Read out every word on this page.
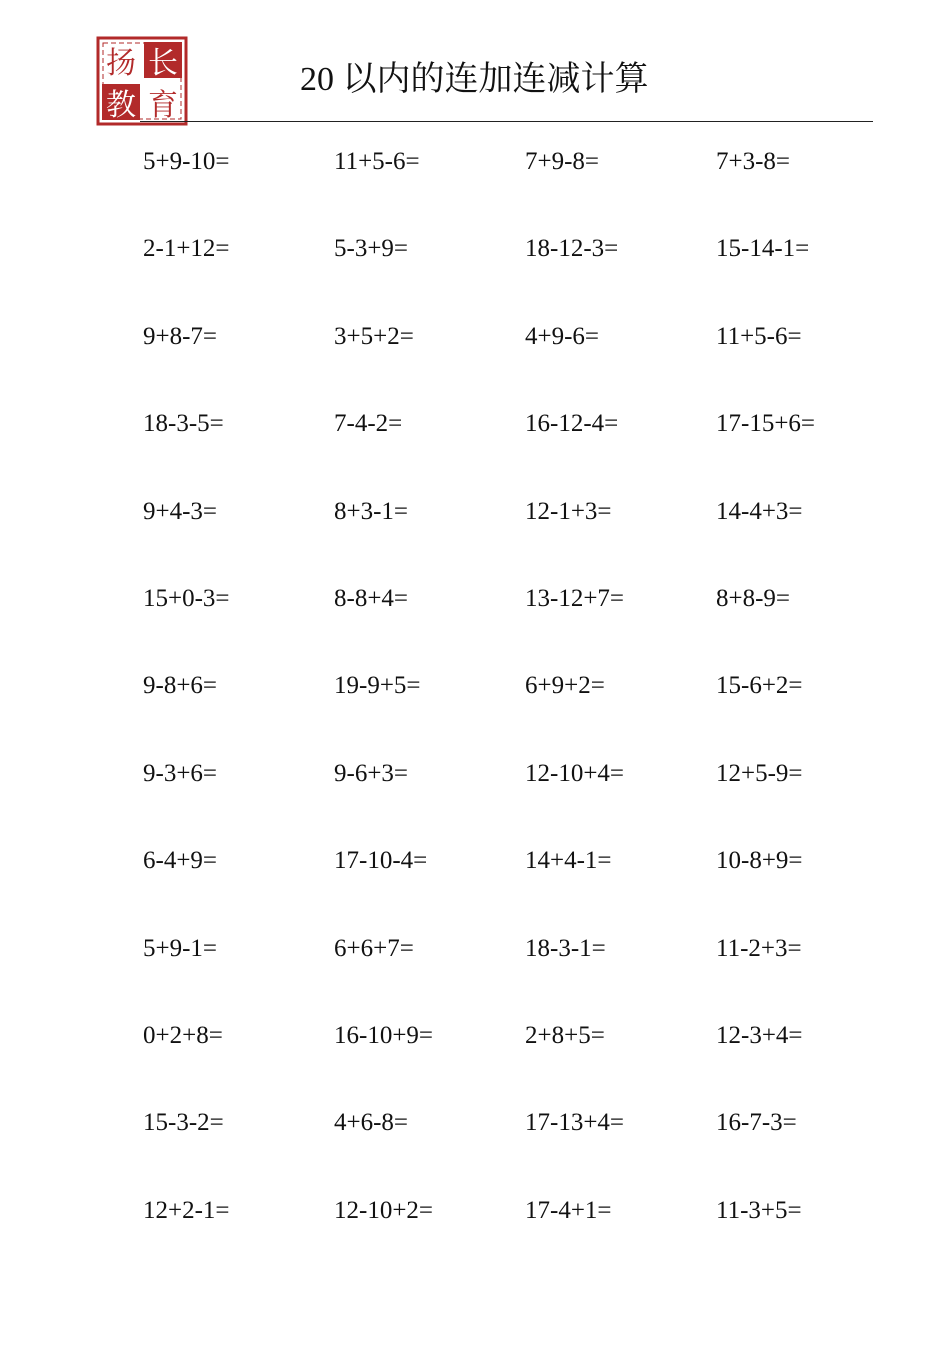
扬 长
教 育
20 以内的连加连减计算
5+9-10=	11+5-6=	7+9-8=	7+3-8=
2-1+12=	5-3+9=	18-12-3=	15-14-1=
9+8-7=	3+5+2=	4+9-6=	11+5-6=
18-3-5=	7-4-2=	16-12-4=	17-15+6=
9+4-3=	8+3-1=	12-1+3=	14-4+3=
15+0-3=	8-8+4=	13-12+7=	8+8-9=
9-8+6=	19-9+5=	6+9+2=	15-6+2=
9-3+6=	9-6+3=	12-10+4=	12+5-9=
6-4+9=	17-10-4=	14+4-1=	10-8+9=
5+9-1=	6+6+7=	18-3-1=	11-2+3=
0+2+8=	16-10+9=	2+8+5=	12-3+4=
15-3-2=	4+6-8=	17-13+4=	16-7-3=
12+2-1=	12-10+2=	17-4+1=	11-3+5=
